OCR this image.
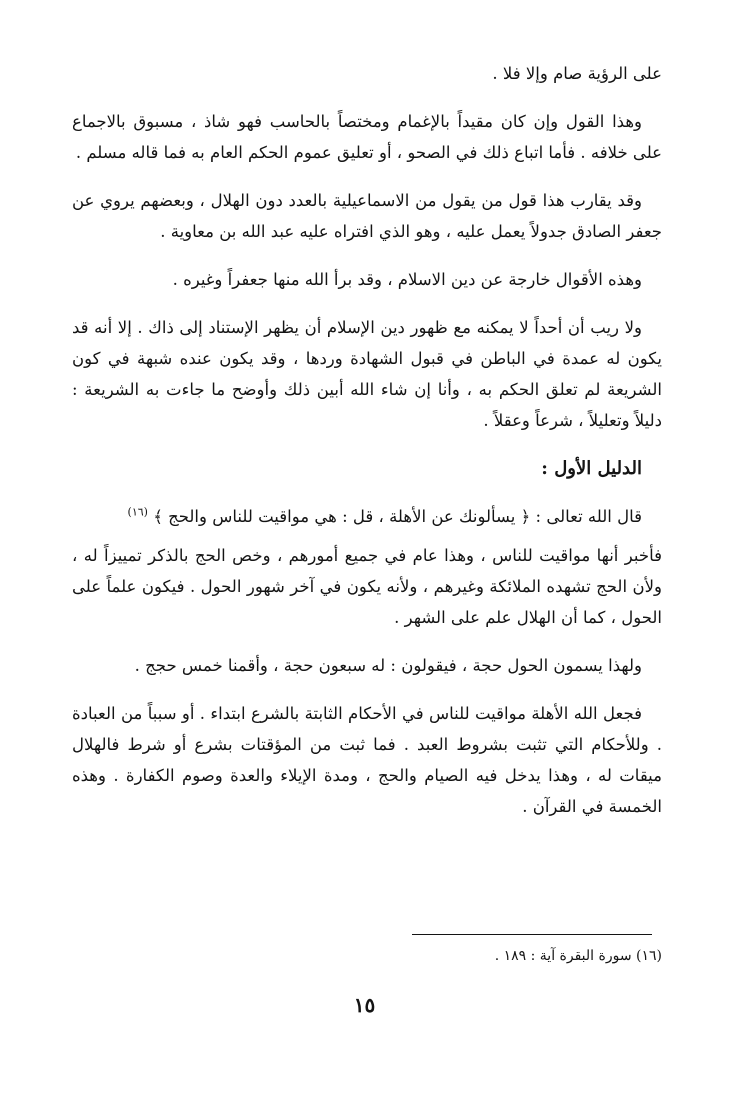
على الرؤية صام وإلا فلا .

وهذا القول وإن كان مقيداً بالإغمام ومختصاً بالحاسب فهو شاذ ، مسبوق بالاجماع على خلافه . فأما اتباع ذلك في الصحو ، أو تعليق عموم الحكم العام به فما قاله مسلم .

وقد يقارب هذا قول من يقول من الاسماعيلية بالعدد دون الهلال ، وبعضهم يروي عن جعفر الصادق جدولاً يعمل عليه ، وهو الذي افتراه عليه عبد الله بن معاوية .

وهذه الأقوال خارجة عن دين الاسلام ، وقد برأ الله منها جعفراً وغيره .

ولا ريب أن أحداً لا يمكنه مع ظهور دين الإسلام أن يظهر الإستناد إلى ذاك . إلا أنه قد يكون له عمدة في الباطن في قبول الشهادة وردها ، وقد يكون عنده شبهة في كون الشريعة لم تعلق الحكم به ، وأنا إن شاء الله أبين ذلك وأوضح ما جاءت به الشريعة : دليلاً وتعليلاً ، شرعاً وعقلاً .

الدليل الأول :

قال الله تعالى : ﴿ يسألونك عن الأهلة ، قل : هي مواقيت للناس والحج ﴾ $^{(١٦)}$

فأخبر أنها مواقيت للناس ، وهذا عام في جميع أمورهم ، وخص الحج بالذكر تمييزاً له ، ولأن الحج تشهده الملائكة وغيرهم ، ولأنه يكون في آخر شهور الحول . فيكون علماً على الحول ، كما أن الهلال علم على الشهر .

ولهذا يسمون الحول حجة ، فيقولون : له سبعون حجة ، وأقمنا خمس حجج .

فجعل الله الأهلة مواقيت للناس في الأحكام الثابتة بالشرع ابتداء . أو سبباً من العبادة . وللأحكام التي تثبت بشروط العبد . فما ثبت من المؤقتات بشرع أو شرط فالهلال ميقات له ، وهذا يدخل فيه الصيام والحج ، ومدة الإيلاء والعدة وصوم الكفارة . وهذه الخمسة في القرآن .

(١٦) سورة البقرة آية : ١٨٩ .
١٥
